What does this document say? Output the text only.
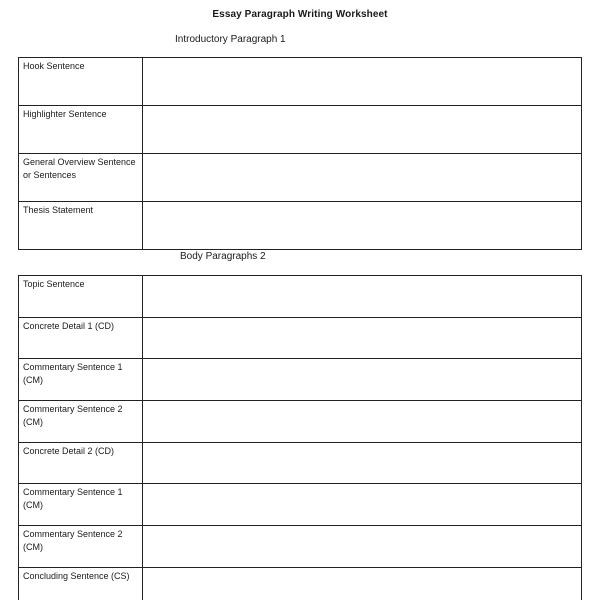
Essay Paragraph Writing Worksheet
Introductory Paragraph 1
Hook Sentence	
Highlighter Sentence	
General Overview Sentence or Sentences	
Thesis Statement	
Body Paragraphs 2
Topic Sentence	
Concrete Detail 1 (CD)	
Commentary Sentence 1 (CM)	
Commentary Sentence 2 (CM)	
Concrete Detail 2 (CD)	
Commentary Sentence 1 (CM)	
Commentary Sentence 2 (CM)	
Concluding Sentence (CS)	
